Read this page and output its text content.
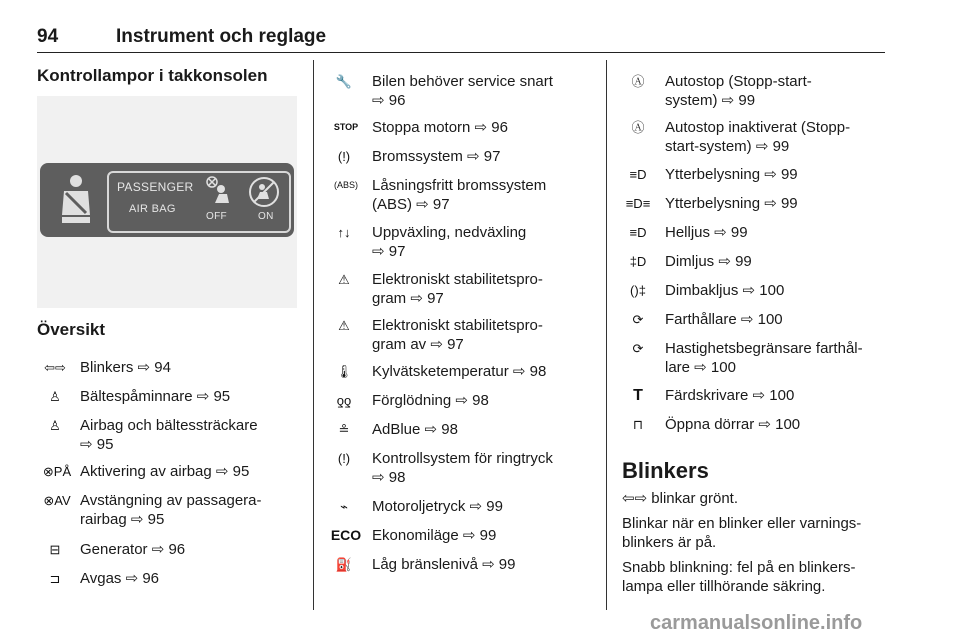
94	Instrument och reglage
Kontrollampor i takkonsolen
PASSENGER
AIR BAG
OFF	ON
Översikt
⇦⇨ Blinkers ⇨ 94
♙	Bältespåminnare ⇨ 95
♙	Airbag och bältessträckare
⇨ 95
⊗PÅ Aktivering av airbag ⇨ 95
⊗AV Avstängning av passagera-
rairbag ⇨ 95
⊟	Generator ⇨ 96
⊐	Avgas ⇨ 96
🔧	Bilen behöver service snart
⇨ 96
STOP Stoppa motorn ⇨ 96
(!)	Bromssystem ⇨ 97
(ABS) Låsningsfritt bromssystem
(ABS) ⇨ 97
↑↓	Uppväxling, nedväxling
⇨ 97
⚠	Elektroniskt stabilitetspro-
gram ⇨ 97
⚠	Elektroniskt stabilitetspro-
gram av ⇨ 97
🌡	Kylvätsketemperatur ⇨ 98
ƍƍ	Förglödning ⇨ 98
≗	AdBlue ⇨ 98
(!)	Kontrollsystem för ringtryck
⇨ 98
⌁	Motoroljetryck ⇨ 99
ECO Ekonomiläge ⇨ 99
⛽	Låg bränslenivå ⇨ 99
Ⓐ	Autostop (Stopp-start-
system) ⇨ 99
Ⓐ	Autostop inaktiverat (Stopp-
start-system) ⇨ 99
≡D	Ytterbelysning ⇨ 99
≡D≡ Ytterbelysning ⇨ 99
≡D	Helljus ⇨ 99
‡D	Dimljus ⇨ 99
()‡	Dimbakljus ⇨ 100
⟳	Farthållare ⇨ 100
⟳	Hastighetsbegränsare farthål-
lare ⇨ 100
T	Färdskrivare ⇨ 100
⊓	Öppna dörrar ⇨ 100
Blinkers
⇦⇨ blinkar grönt.
Blinkar när en blinker eller varnings-
blinkers är på.
Snabb blinkning: fel på en blinkers-
lampa eller tillhörande säkring.
carmanualsonline.info
